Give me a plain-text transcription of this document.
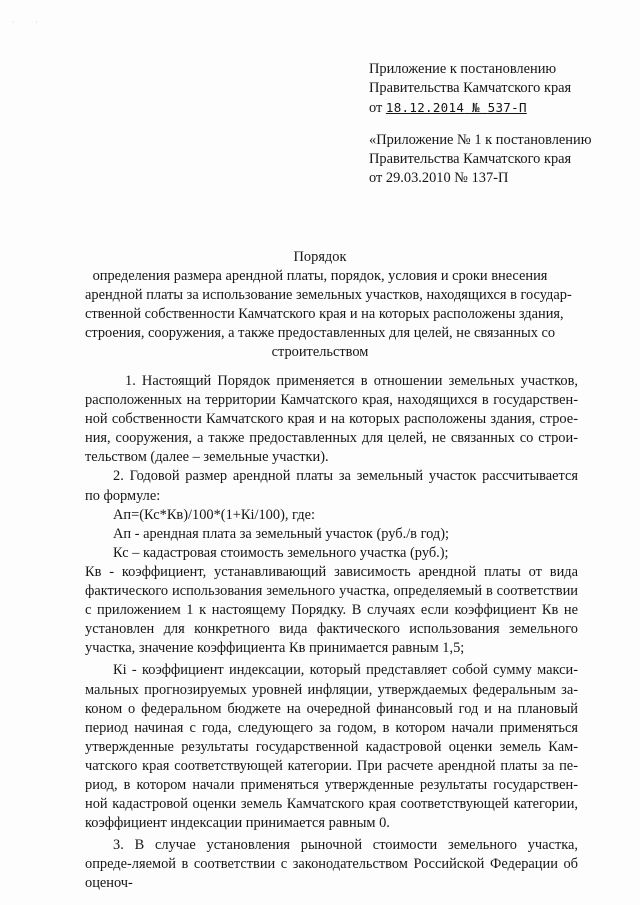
· ·
Приложение к постановлению
Правительства Камчатского края
от 18.12.2014 № 537-П
«Приложение № 1 к постановлению
Правительства Камчатского края
от 29.03.2010 № 137-П
Порядок
определения размера арендной платы, порядок, условия и сроки внесения
арендной платы за использование земельных участков, находящихся в государ-
ственной собственности Камчатского края и на которых расположены здания,
строения, сооружения, а также предоставленных для целей, не связанных со
строительством

1. Настоящий Порядок применяется в отношении земельных участков, расположенных на территории Камчатского края, находящихся в государствен-ной собственности Камчатского края и на которых расположены здания, строе-ния, сооружения, а также предоставленных для целей, не связанных со строи-тельством (далее – земельные участки).

2. Годовой размер арендной платы за земельный участок рассчитывается по формуле:

Ап=(Кс*Кв)/100*(1+Кi/100), где:

Ап - арендная плата за земельный участок (руб./в год);

Кс – кадастровая стоимость земельного участка (руб.);

Кв - коэффициент, устанавливающий зависимость арендной платы от вида фактического использования земельного участка, определяемый в соответствии с приложением 1 к настоящему Порядку. В случаях если коэффициент Кв не установлен для конкретного вида фактического использования земельного участка, значение коэффициента Кв принимается равным 1,5;

Кi - коэффициент индексации, который представляет собой сумму макси-мальных прогнозируемых уровней инфляции, утверждаемых федеральным за-коном о федеральном бюджете на очередной финансовый год и на плановый период начиная с года, следующего за годом, в котором начали применяться утвержденные результаты государственной кадастровой оценки земель Кам-чатского края соответствующей категории. При расчете арендной платы за пе-риод, в котором начали применяться утвержденные результаты государствен-ной кадастровой оценки земель Камчатского края соответствующей категории, коэффициент индексации принимается равным 0.

3. В случае установления рыночной стоимости земельного участка, опреде-ляемой в соответствии с законодательством Российской Федерации об оценоч-
